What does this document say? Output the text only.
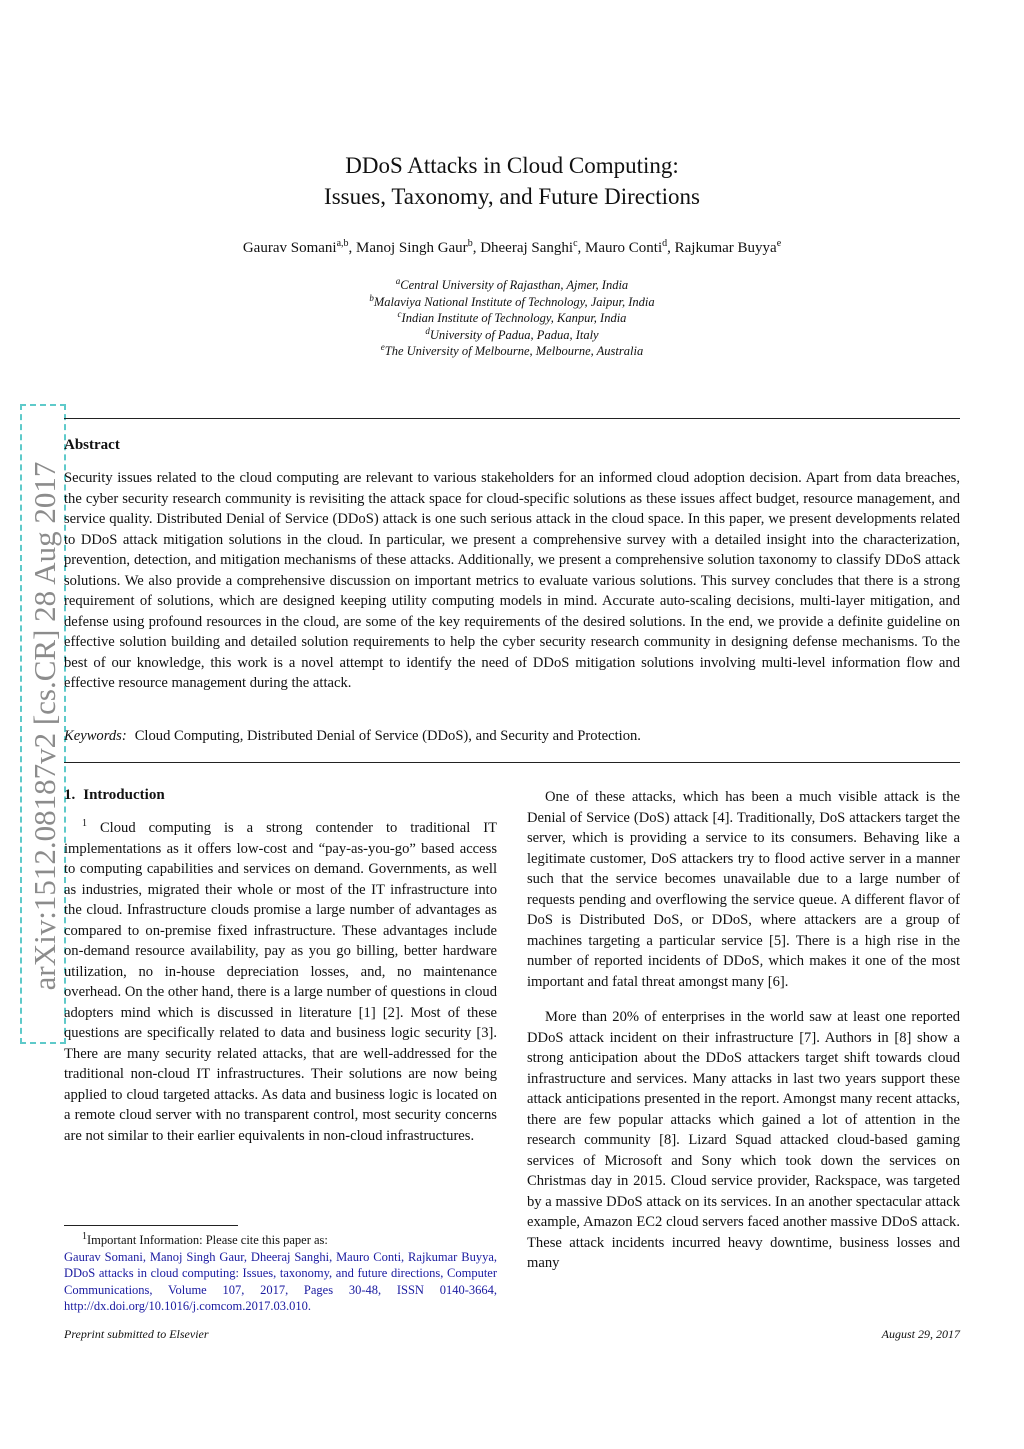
arXiv:1512.08187v2 [cs.CR] 28 Aug 2017
DDoS Attacks in Cloud Computing:
Issues, Taxonomy, and Future Directions
Gaurav Somani$^{a,b}$, Manoj Singh Gaur$^b$, Dheeraj Sanghi$^c$, Mauro Conti$^d$, Rajkumar Buyya$^e$
$^a$Central University of Rajasthan, Ajmer, India
$^b$Malaviya National Institute of Technology, Jaipur, India
$^c$Indian Institute of Technology, Kanpur, India
$^d$University of Padua, Padua, Italy
$^e$The University of Melbourne, Melbourne, Australia
Abstract
Security issues related to the cloud computing are relevant to various stakeholders for an informed cloud adoption decision. Apart from data breaches, the cyber security research community is revisiting the attack space for cloud-specific solutions as these issues affect budget, resource management, and service quality. Distributed Denial of Service (DDoS) attack is one such serious attack in the cloud space. In this paper, we present developments related to DDoS attack mitigation solutions in the cloud. In particular, we present a comprehensive survey with a detailed insight into the characterization, prevention, detection, and mitigation mechanisms of these attacks. Additionally, we present a comprehensive solution taxonomy to classify DDoS attack solutions. We also provide a comprehensive discussion on important metrics to evaluate various solutions. This survey concludes that there is a strong requirement of solutions, which are designed keeping utility computing models in mind. Accurate auto-scaling decisions, multi-layer mitigation, and defense using profound resources in the cloud, are some of the key requirements of the desired solutions. In the end, we provide a definite guideline on effective solution building and detailed solution requirements to help the cyber security research community in designing defense mechanisms. To the best of our knowledge, this work is a novel attempt to identify the need of DDoS mitigation solutions involving multi-level information flow and effective resource management during the attack.
Keywords: Cloud Computing, Distributed Denial of Service (DDoS), and Security and Protection.
1. Introduction

$^1$ Cloud computing is a strong contender to traditional IT implementations as it offers low-cost and “pay-as-you-go” based access to computing capabilities and services on demand. Governments, as well as industries, migrated their whole or most of the IT infrastructure into the cloud. Infrastructure clouds promise a large number of advantages as compared to on-premise fixed infrastructure. These advantages include on-demand resource availability, pay as you go billing, better hardware utilization, no in-house depreciation losses, and, no maintenance overhead. On the other hand, there is a large number of questions in cloud adopters mind which is discussed in literature [1] [2]. Most of these questions are specifically related to data and business logic security [3]. There are many security related attacks, that are well-addressed for the traditional non-cloud IT infrastructures. Their solutions are now being applied to cloud targeted attacks. As data and business logic is located on a remote cloud server with no transparent control, most security concerns are not similar to their earlier equivalents in non-cloud infrastructures.

One of these attacks, which has been a much visible attack is the Denial of Service (DoS) attack [4]. Traditionally, DoS attackers target the server, which is providing a service to its consumers. Behaving like a legitimate customer, DoS attackers try to flood active server in a manner such that the service becomes unavailable due to a large number of requests pending and overflowing the service queue. A different flavor of DoS is Distributed DoS, or DDoS, where attackers are a group of machines targeting a particular service [5]. There is a high rise in the number of reported incidents of DDoS, which makes it one of the most important and fatal threat amongst many [6].

More than 20% of enterprises in the world saw at least one reported DDoS attack incident on their infrastructure [7]. Authors in [8] show a strong anticipation about the DDoS attackers target shift towards cloud infrastructure and services. Many attacks in last two years support these attack anticipations presented in the report. Amongst many recent attacks, there are few popular attacks which gained a lot of attention in the research community [8]. Lizard Squad attacked cloud-based gaming services of Microsoft and Sony which took down the services on Christmas day in 2015. Cloud service provider, Rackspace, was targeted by a massive DDoS attack on its services. In an another spectacular attack example, Amazon EC2 cloud servers faced another massive DDoS attack. These attack incidents incurred heavy downtime, business losses and many

$^1$Important Information: Please cite this paper as:
Gaurav Somani, Manoj Singh Gaur, Dheeraj Sanghi, Mauro Conti, Rajkumar Buyya, DDoS attacks in cloud computing: Issues, taxonomy, and future directions, Computer Communications, Volume 107, 2017, Pages 30-48, ISSN 0140-3664, http://dx.doi.org/10.1016/j.comcom.2017.03.010.
Preprint submitted to Elsevier	August 29, 2017
